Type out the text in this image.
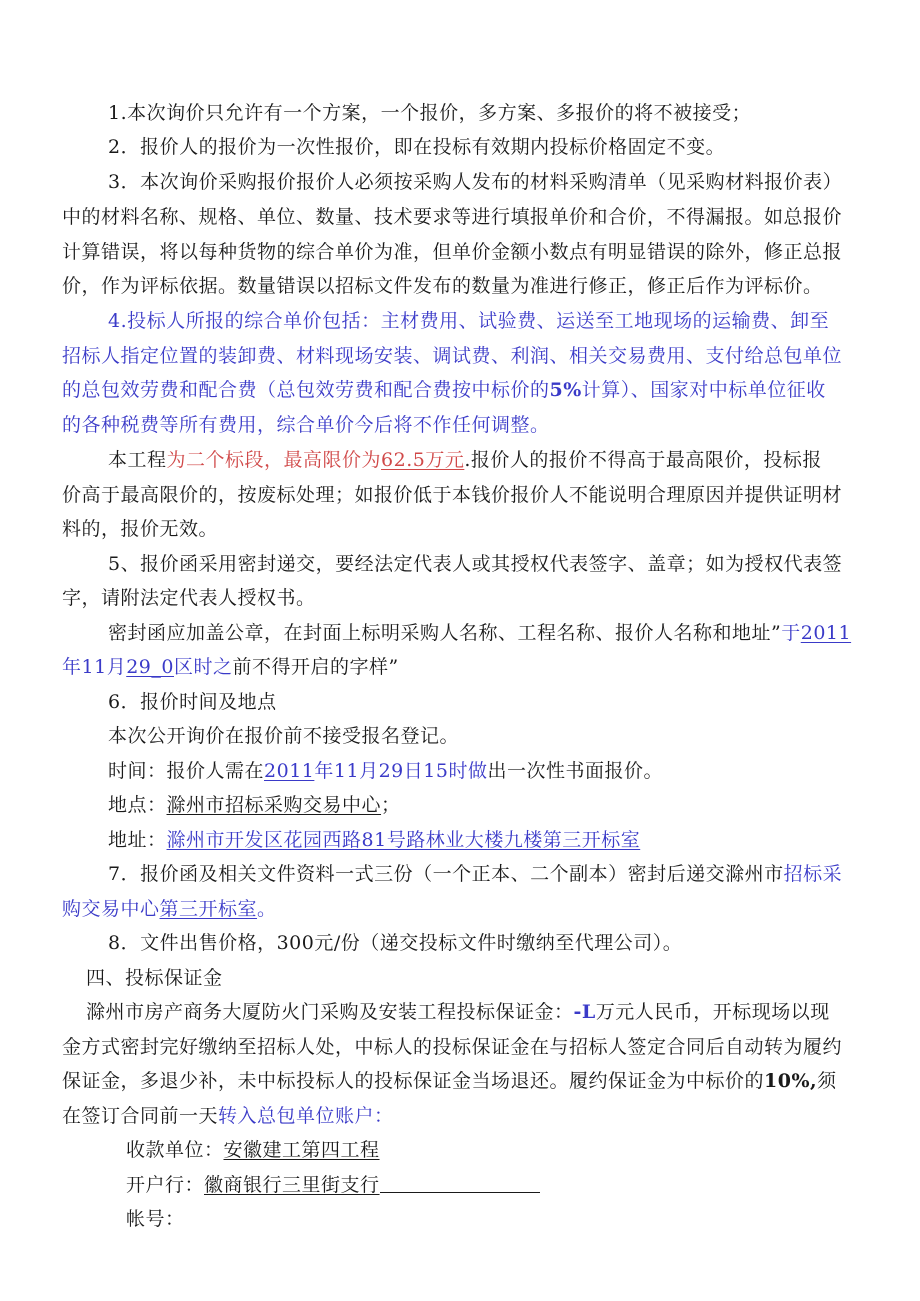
1.本次询价只允许有一个方案，一个报价，多方案、多报价的将不被接受；
2．报价人的报价为一次性报价，即在投标有效期内投标价格固定不变。
3．本次询价采购报价报价人必须按采购人发布的材料采购清单（见采购材料报价表）
中的材料名称、规格、单位、数量、技术要求等进行填报单价和合价，不得漏报。如总报价
计算错误，将以每种货物的综合单价为准，但单价金额小数点有明显错误的除外，修正总报
价，作为评标依据。数量错误以招标文件发布的数量为准进行修正，修正后作为评标价。
4.投标人所报的综合单价包括：主材费用、试验费、运送至工地现场的运输费、卸至
招标人指定位置的装卸费、材料现场安装、调试费、利润、相关交易费用、支付给总包单位
的总包效劳费和配合费（总包效劳费和配合费按中标价的5%计算）、国家对中标单位征收
的各种税费等所有费用，综合单价今后将不作任何调整。
本工程为二个标段，最高限价为62.5万元.报价人的报价不得高于最高限价，投标报
价高于最高限价的，按废标处理；如报价低于本钱价报价人不能说明合理原因并提供证明材
料的，报价无效。
5、报价函采用密封递交，要经法定代表人或其授权代表签字、盖章；如为授权代表签
字，请附法定代表人授权书。
密封函应加盖公章，在封面上标明采购人名称、工程名称、报价人名称和地址”于2011
年11月29_0区时之前不得开启的字样”
6．报价时间及地点
本次公开询价在报价前不接受报名登记。
时间：报价人需在2011年11月29日15时做出一次性书面报价。
地点：滁州市招标采购交易中心；
地址：滁州市开发区花园西路81号路林业大楼九楼第三开标室
7．报价函及相关文件资料一式三份（一个正本、二个副本）密封后递交滁州市招标采
购交易中心第三开标室。
8．文件出售价格，300元/份（递交投标文件时缴纳至代理公司）。
四、投标保证金
滁州市房产商务大厦防火门采购及安装工程投标保证金：-L万元人民币，开标现场以现
金方式密封完好缴纳至招标人处，中标人的投标保证金在与招标人签定合同后自动转为履约
保证金，多退少补，未中标投标人的投标保证金当场退还。履约保证金为中标价的10%,须
在签订合同前一天转入总包单位账户：
收款单位：安徽建工第四工程
开户行：徽商银行三里街支行
帐号：
